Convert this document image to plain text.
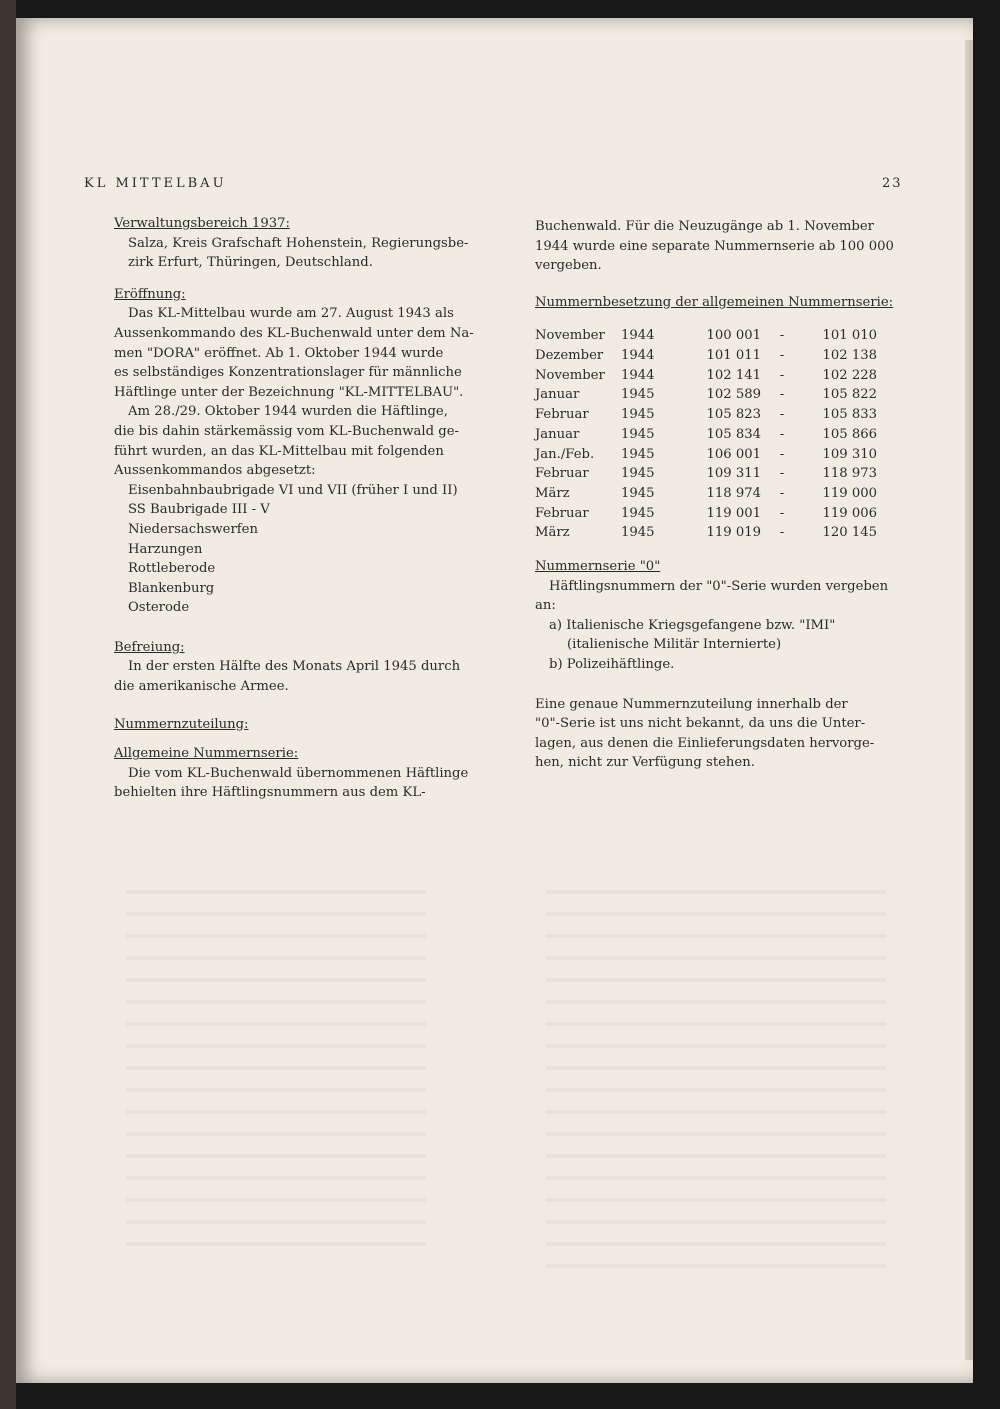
KL MITTELBAU	23

Verwaltungsbereich 1937:

Salza, Kreis Grafschaft Hohenstein, Regierungsbe-

zirk Erfurt, Thüringen, Deutschland.

Eröffnung:

Das KL-Mittelbau wurde am 27. August 1943 als

Aussenkommando des KL-Buchenwald unter dem Na-

men "DORA" eröffnet. Ab 1. Oktober 1944 wurde

es selbständiges Konzentrationslager für männliche

Häftlinge unter der Bezeichnung "KL-MITTELBAU".

Am 28./29. Oktober 1944 wurden die Häftlinge,

die bis dahin stärkemässig vom KL-Buchenwald ge-

führt wurden, an das KL-Mittelbau mit folgenden

Aussenkommandos abgesetzt:

Eisenbahnbaubrigade VI und VII (früher I und II)

SS Baubrigade III - V

Niedersachswerfen

Harzungen

Rottleberode

Blankenburg

Osterode

Befreiung:

In der ersten Hälfte des Monats April 1945 durch

die amerikanische Armee.

Nummernzuteilung:

Allgemeine Nummernserie:

Die vom KL-Buchenwald übernommenen Häftlinge

behielten ihre Häftlingsnummern aus dem KL-

Buchenwald. Für die Neuzugänge ab 1. November

1944 wurde eine separate Nummernserie ab 100 000

vergeben.

Nummernbesetzung der allgemeinen Nummernserie:

November	1944	100 001	-	101 010
Dezember	1944	101 011	-	102 138
November	1944	102 141	-	102 228
Januar	1945	102 589	-	105 822
Februar	1945	105 823	-	105 833
Januar	1945	105 834	-	105 866
Jan./Feb.	1945	106 001	-	109 310
Februar	1945	109 311	-	118 973
März	1945	118 974	-	119 000
Februar	1945	119 001	-	119 006
März	1945	119 019	-	120 145

Nummernserie "0"

Häftlingsnummern der "0"-Serie wurden vergeben

an:

a) Italienische Kriegsgefangene bzw. "IMI"

(italienische Militär Internierte)

b) Polizeihäftlinge.

Eine genaue Nummernzuteilung innerhalb der

"0"-Serie ist uns nicht bekannt, da uns die Unter-

lagen, aus denen die Einlieferungsdaten hervorge-

hen, nicht zur Verfügung stehen.
